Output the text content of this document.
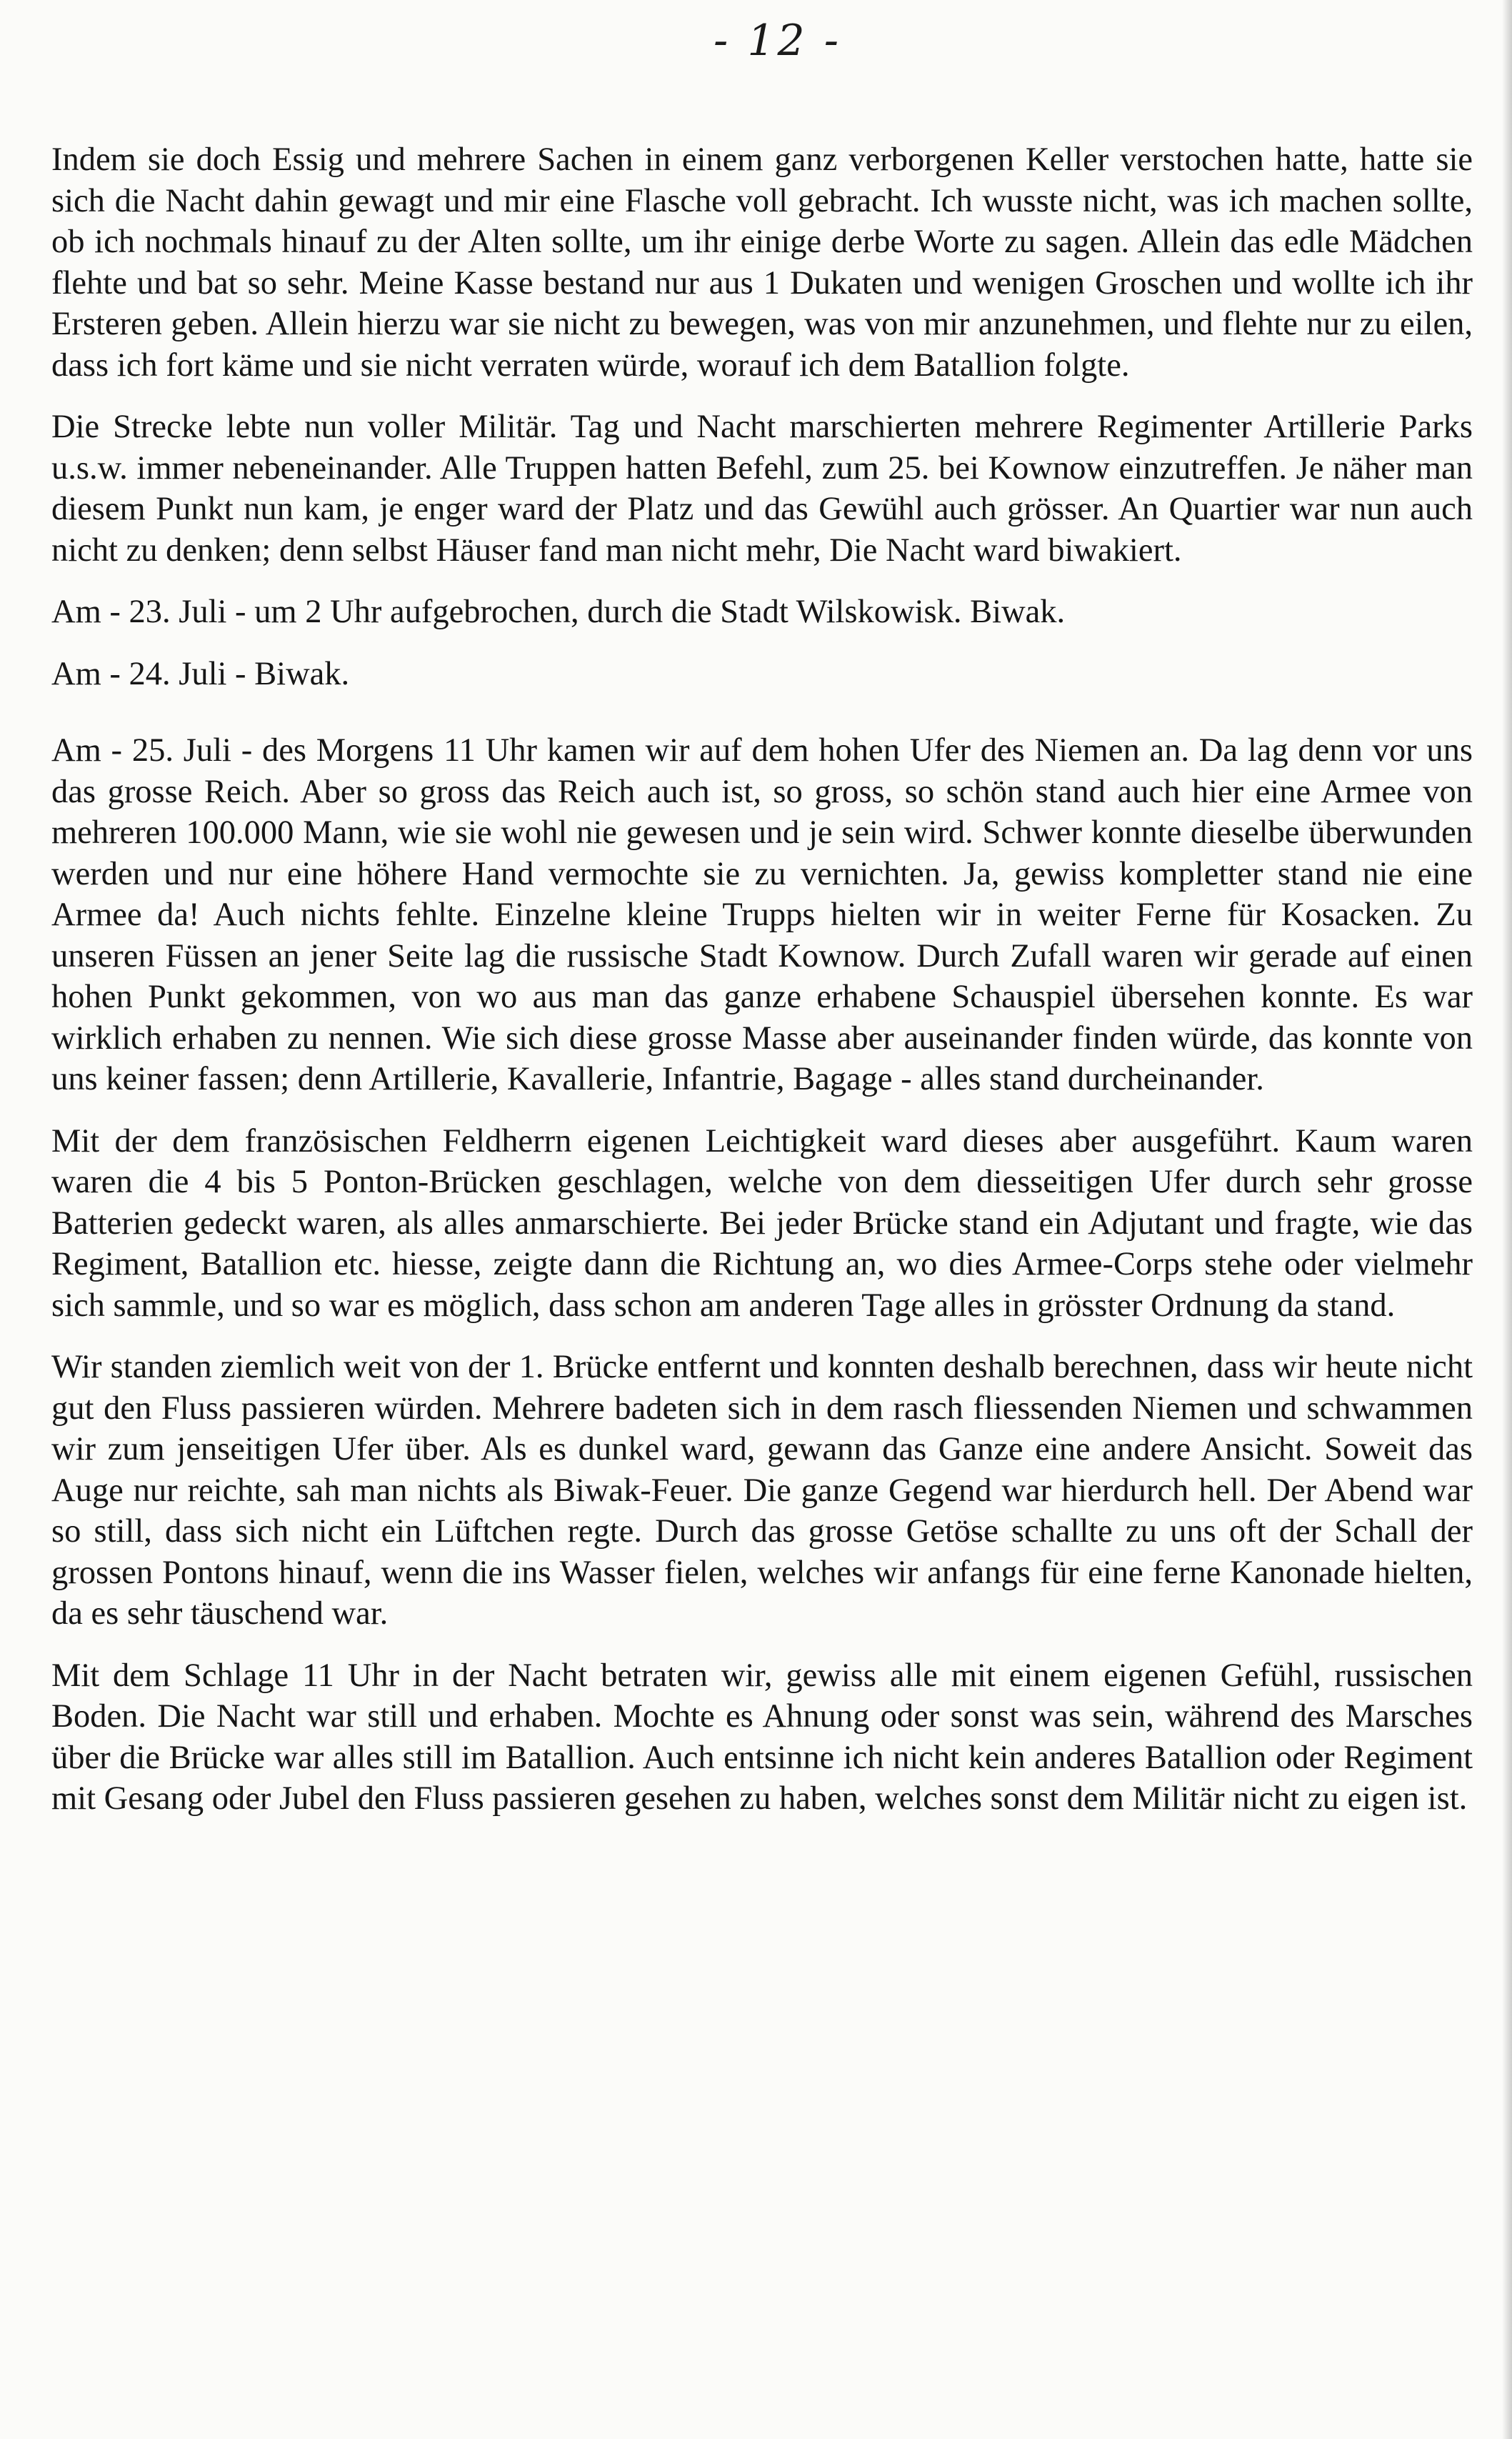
- 12 -

Indem sie doch Essig und mehrere Sachen in einem ganz verborgenen Keller verstochen hatte, hatte sie sich die Nacht dahin gewagt und mir eine Flasche voll gebracht. Ich wusste nicht, was ich machen sollte, ob ich nochmals hinauf zu der Alten sollte, um ihr einige derbe Worte zu sagen. Allein das edle Mädchen flehte und bat so sehr. Meine Kasse bestand nur aus 1 Dukaten und wenigen Groschen und wollte ich ihr Ersteren geben. Allein hierzu war sie nicht zu bewegen, was von mir anzunehmen, und flehte nur zu eilen, dass ich fort käme und sie nicht verraten würde, worauf ich dem Batallion folgte.

Die Strecke lebte nun voller Militär. Tag und Nacht marschierten mehrere Regimenter Artillerie Parks u.s.w. immer nebeneinander. Alle Truppen hatten Befehl, zum 25. bei Kownow einzutreffen. Je näher man diesem Punkt nun kam, je enger ward der Platz und das Gewühl auch grösser. An Quartier war nun auch nicht zu denken; denn selbst Häuser fand man nicht mehr, Die Nacht ward biwakiert.

Am - 23. Juli - um 2 Uhr aufgebrochen, durch die Stadt Wilskowisk. Biwak.

Am - 24. Juli - Biwak.

Am - 25. Juli - des Morgens 11 Uhr kamen wir auf dem hohen Ufer des Niemen an. Da lag denn vor uns das grosse Reich. Aber so gross das Reich auch ist, so gross, so schön stand auch hier eine Armee von mehreren 100.000 Mann, wie sie wohl nie gewesen und je sein wird. Schwer konnte dieselbe überwunden werden und nur eine höhere Hand vermochte sie zu vernichten. Ja, gewiss kompletter stand nie eine Armee da! Auch nichts fehlte. Einzelne kleine Trupps hielten wir in weiter Ferne für Kosacken. Zu unseren Füssen an jener Seite lag die russische Stadt Kownow. Durch Zufall waren wir gerade auf einen hohen Punkt gekommen, von wo aus man das ganze erhabene Schauspiel übersehen konnte. Es war wirklich erhaben zu nennen. Wie sich diese grosse Masse aber auseinander finden würde, das konnte von uns keiner fassen; denn Artillerie, Kavallerie, Infantrie, Bagage - alles stand durcheinander.

Mit der dem französischen Feldherrn eigenen Leichtigkeit ward dieses aber ausgeführt. Kaum waren waren die 4 bis 5 Ponton-Brücken geschlagen, welche von dem diesseitigen Ufer durch sehr grosse Batterien gedeckt waren, als alles anmarschierte. Bei jeder Brücke stand ein Adjutant und fragte, wie das Regiment, Batallion etc. hiesse, zeigte dann die Richtung an, wo dies Armee-Corps stehe oder vielmehr sich sammle, und so war es möglich, dass schon am anderen Tage alles in grösster Ordnung da stand.

Wir standen ziemlich weit von der 1. Brücke entfernt und konnten deshalb berechnen, dass wir heute nicht gut den Fluss passieren würden. Mehrere badeten sich in dem rasch fliessenden Niemen und schwammen wir zum jenseitigen Ufer über. Als es dunkel ward, gewann das Ganze eine andere Ansicht. Soweit das Auge nur reichte, sah man nichts als Biwak-Feuer. Die ganze Gegend war hierdurch hell. Der Abend war so still, dass sich nicht ein Lüftchen regte. Durch das grosse Getöse schallte zu uns oft der Schall der grossen Pontons hinauf, wenn die ins Wasser fielen, welches wir anfangs für eine ferne Kanonade hielten, da es sehr täuschend war.

Mit dem Schlage 11 Uhr in der Nacht betraten wir, gewiss alle mit einem eigenen Gefühl, russischen Boden. Die Nacht war still und erhaben. Mochte es Ahnung oder sonst was sein, während des Marsches über die Brücke war alles still im Batallion. Auch entsinne ich nicht kein anderes Batallion oder Regiment mit Gesang oder Jubel den Fluss passieren gesehen zu haben, welches sonst dem Militär nicht zu eigen ist.
